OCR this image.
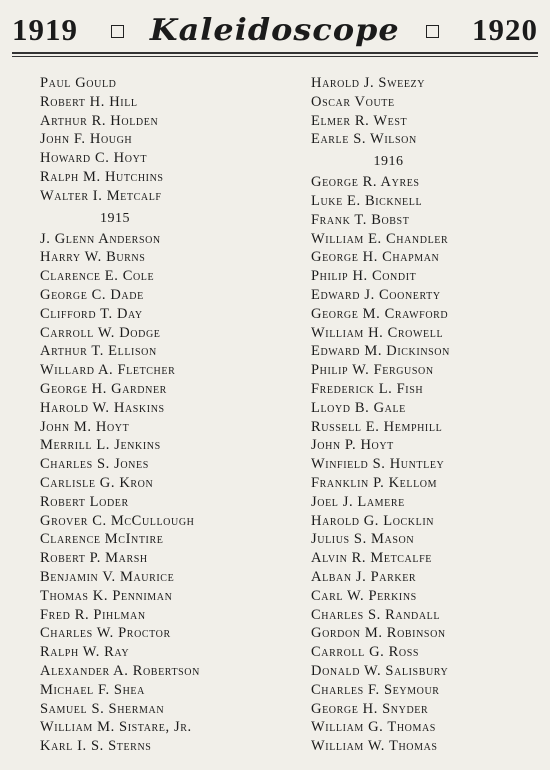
1919 Kaleidoscope 1920
Paul Gould
Robert H. Hill
Arthur R. Holden
John F. Hough
Howard C. Hoyt
Ralph M. Hutchins
Walter I. Metcalf
1915
J. Glenn Anderson
Harry W. Burns
Clarence E. Cole
George C. Dade
Clifford T. Day
Carroll W. Dodge
Arthur T. Ellison
Willard A. Fletcher
George H. Gardner
Harold W. Haskins
John M. Hoyt
Merrill L. Jenkins
Charles S. Jones
Carlisle G. Kron
Robert Loder
Grover C. McCullough
Clarence McIntire
Robert P. Marsh
Benjamin V. Maurice
Thomas K. Penniman
Fred R. Pihlman
Charles W. Proctor
Ralph W. Ray
Alexander A. Robertson
Michael F. Shea
Samuel S. Sherman
William M. Sistare, Jr.
Karl I. S. Sterns
Harold J. Sweezy
Oscar Voute
Elmer R. West
Earle S. Wilson
1916
George R. Ayres
Luke E. Bicknell
Frank T. Bobst
William E. Chandler
George H. Chapman
Philip H. Condit
Edward J. Coonerty
George M. Crawford
William H. Crowell
Edward M. Dickinson
Philip W. Ferguson
Frederick L. Fish
Lloyd B. Gale
Russell E. Hemphill
John P. Hoyt
Winfield S. Huntley
Franklin P. Kellom
Joel J. Lamere
Harold G. Locklin
Julius S. Mason
Alvin R. Metcalfe
Alban J. Parker
Carl W. Perkins
Charles S. Randall
Gordon M. Robinson
Carroll G. Ross
Donald W. Salisbury
Charles F. Seymour
George H. Snyder
William G. Thomas
William W. Thomas
